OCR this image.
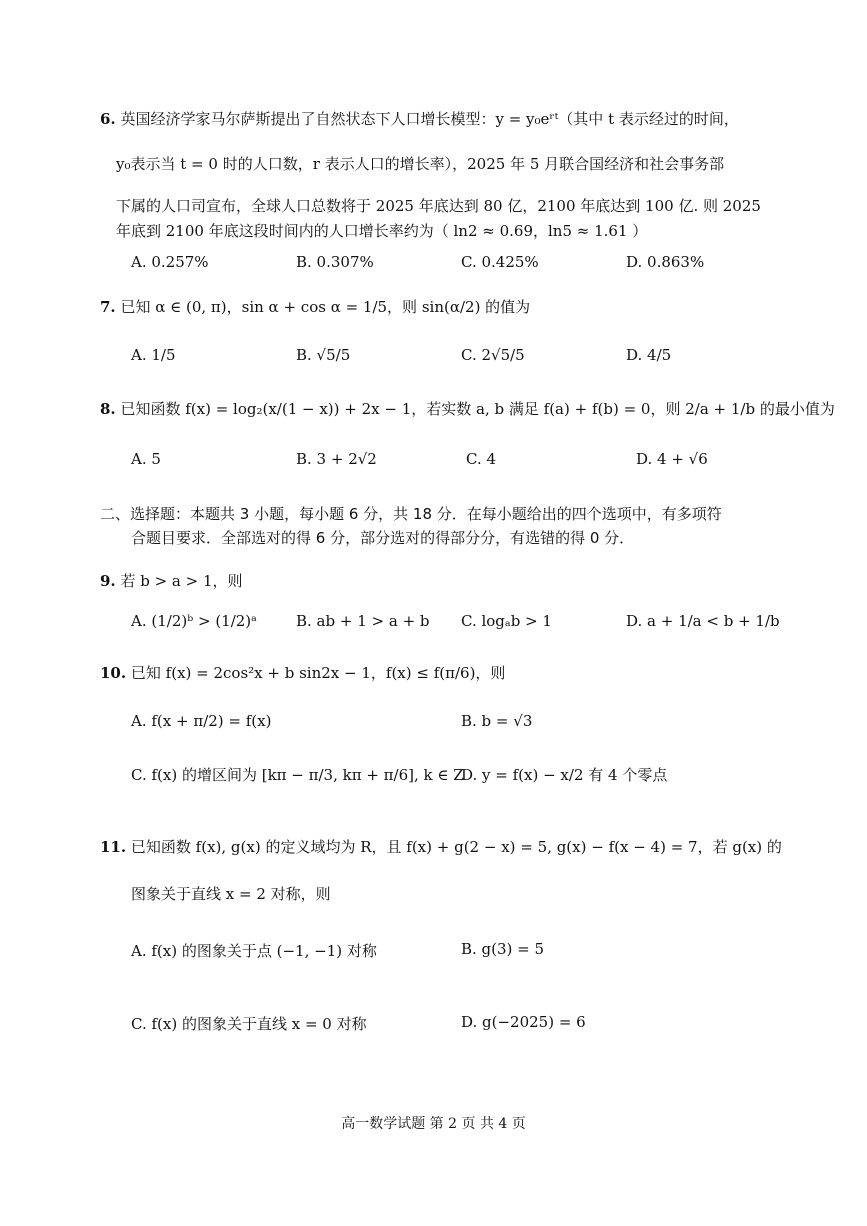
6. 英国经济学家马尔萨斯提出了自然状态下人口增长模型：y = y₀eʳᵗ（其中 t 表示经过的时间，
y₀表示当 t = 0 时的人口数，r 表示人口的增长率），2025 年 5 月联合国经济和社会事务部
下属的人口司宣布，全球人口总数将于 2025 年底达到 80 亿，2100 年底达到 100 亿. 则 2025
年底到 2100 年底这段时间内的人口增长率约为（ ln2 ≈ 0.69，ln5 ≈ 1.61 ）
A. 0.257%	B. 0.307%	C. 0.425%	D. 0.863%
7. 已知 α ∈ (0, π)，sin α + cos α = 1/5，则 sin(α/2) 的值为
A. 1/5	B. √5/5	C. 2√5/5	D. 4/5
8. 已知函数 f(x) = log₂(x/(1 − x)) + 2x − 1，若实数 a, b 满足 f(a) + f(b) = 0，则 2/a + 1/b 的最小值为
A. 5	B. 3 + 2√2	C. 4	D. 4 + √6
二、选择题：本题共 3 小题，每小题 6 分，共 18 分．在每小题给出的四个选项中，有多项符
合题目要求．全部选对的得 6 分，部分选对的得部分分，有选错的得 0 分．
9. 若 b > a > 1，则
A. (1/2)ᵇ > (1/2)ᵃ	B. ab + 1 > a + b C. logₐb > 1	D. a + 1/a < b + 1/b
10. 已知 f(x) = 2cos²x + b sin2x − 1，f(x) ≤ f(π/6)，则
A. f(x + π/2) = f(x)	B. b = √3
C. f(x) 的增区间为 [kπ − π/3, kπ + π/6], k ∈ Z
D. y = f(x) − x/2 有 4 个零点
11. 已知函数 f(x), g(x) 的定义域均为 R，且 f(x) + g(2 − x) = 5, g(x) − f(x − 4) = 7，若 g(x) 的
图象关于直线 x = 2 对称，则
A. f(x) 的图象关于点 (−1, −1) 对称	B. g(3) = 5
C. f(x) 的图象关于直线 x = 0 对称	D. g(−2025) = 6
高一数学试题 第 2 页 共 4 页
